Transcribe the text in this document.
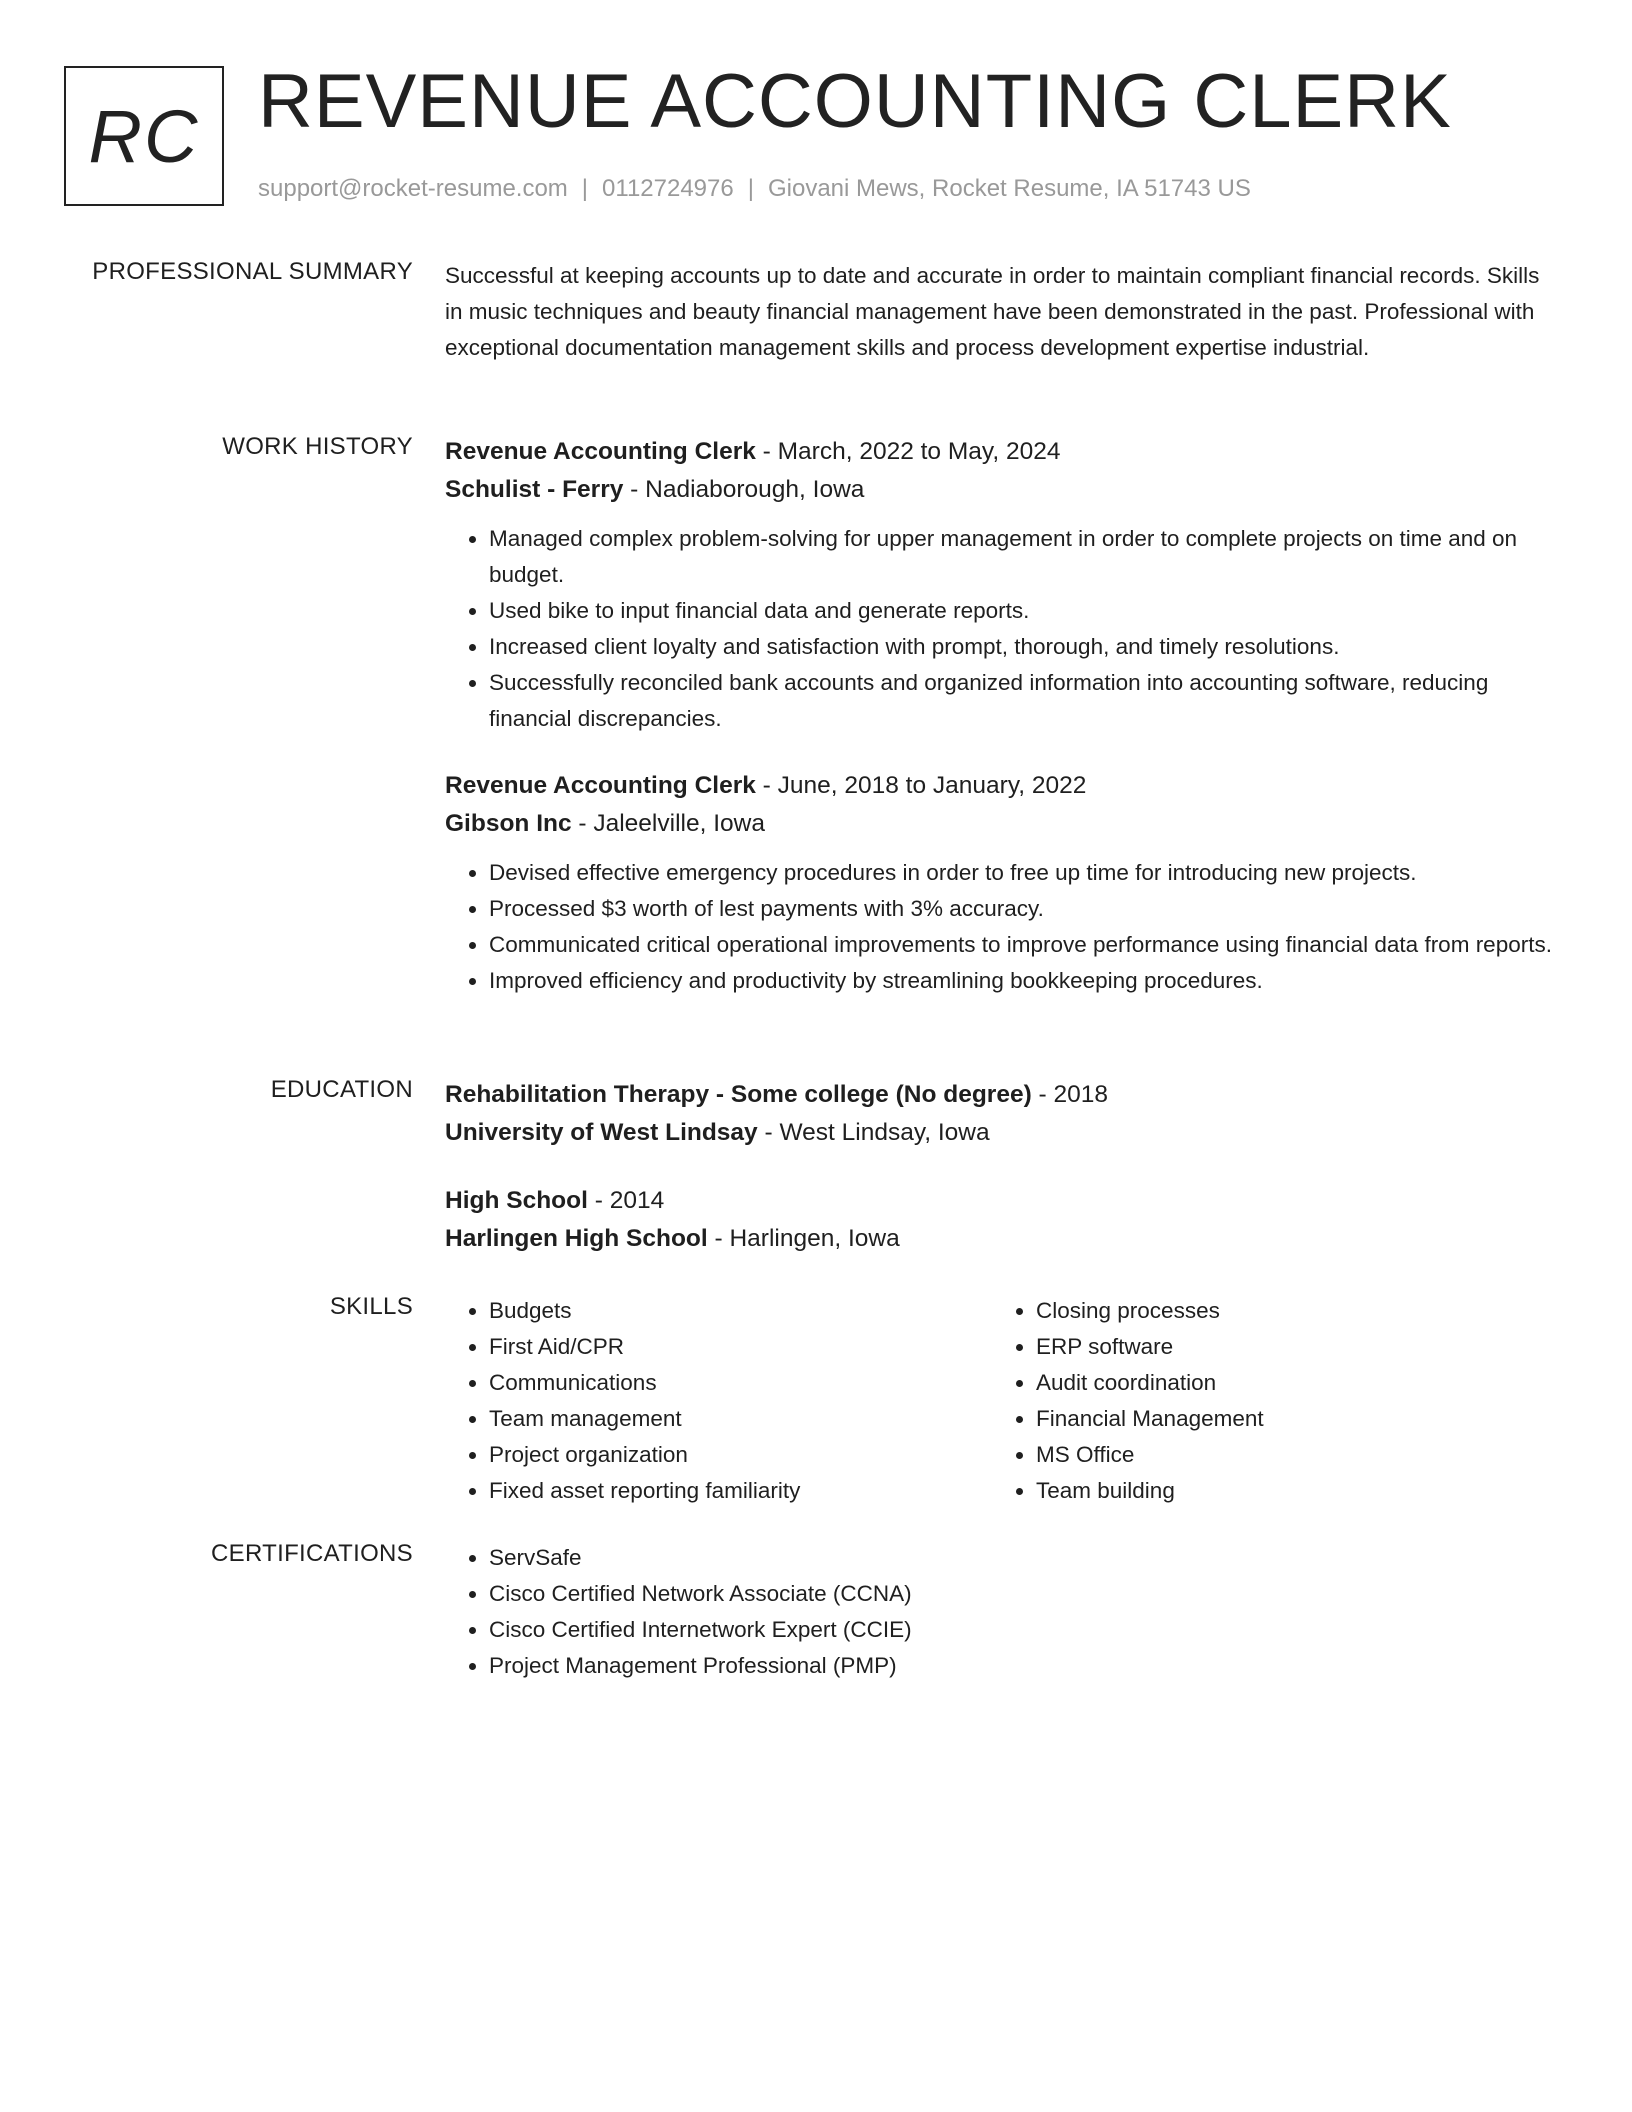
RC REVENUE ACCOUNTING CLERK
support@rocket-resume.com | 0112724976 | Giovani Mews, Rocket Resume, IA 51743 US
PROFESSIONAL SUMMARY Successful at keeping accounts up to date and accurate in order to maintain compliant financial records. Skills in music techniques and beauty financial management have been demonstrated in the past. Professional with exceptional documentation management skills and process development expertise industrial.

WORK HISTORY Revenue Accounting Clerk - March, 2022 to May, 2024
Schulist - Ferry - Nadiaborough, Iowa
• Managed complex problem-solving for upper management in order to complete projects on time and on budget.
• Used bike to input financial data and generate reports.
• Increased client loyalty and satisfaction with prompt, thorough, and timely resolutions.
• Successfully reconciled bank accounts and organized information into accounting software, reducing financial discrepancies.
Revenue Accounting Clerk - June, 2018 to January, 2022
Gibson Inc - Jaleelville, Iowa
• Devised effective emergency procedures in order to free up time for introducing new projects.
• Processed $3 worth of lest payments with 3% accuracy.
• Communicated critical operational improvements to improve performance using financial data from reports.
• Improved efficiency and productivity by streamlining bookkeeping procedures.
EDUCATION Rehabilitation Therapy - Some college (No degree) - 2018
University of West Lindsay - West Lindsay, Iowa
High School - 2014
Harlingen High School - Harlingen, Iowa
SKILLS	• Budgets
• First Aid/CPR
• Communications
• Team management
• Project organization
• Fixed asset reporting familiarity
• Closing processes
• ERP software
• Audit coordination
• Financial Management
• MS Office
• Team building
CERTIFICATIONS	• ServSafe
• Cisco Certified Network Associate (CCNA)
• Cisco Certified Internetwork Expert (CCIE)
• Project Management Professional (PMP)
